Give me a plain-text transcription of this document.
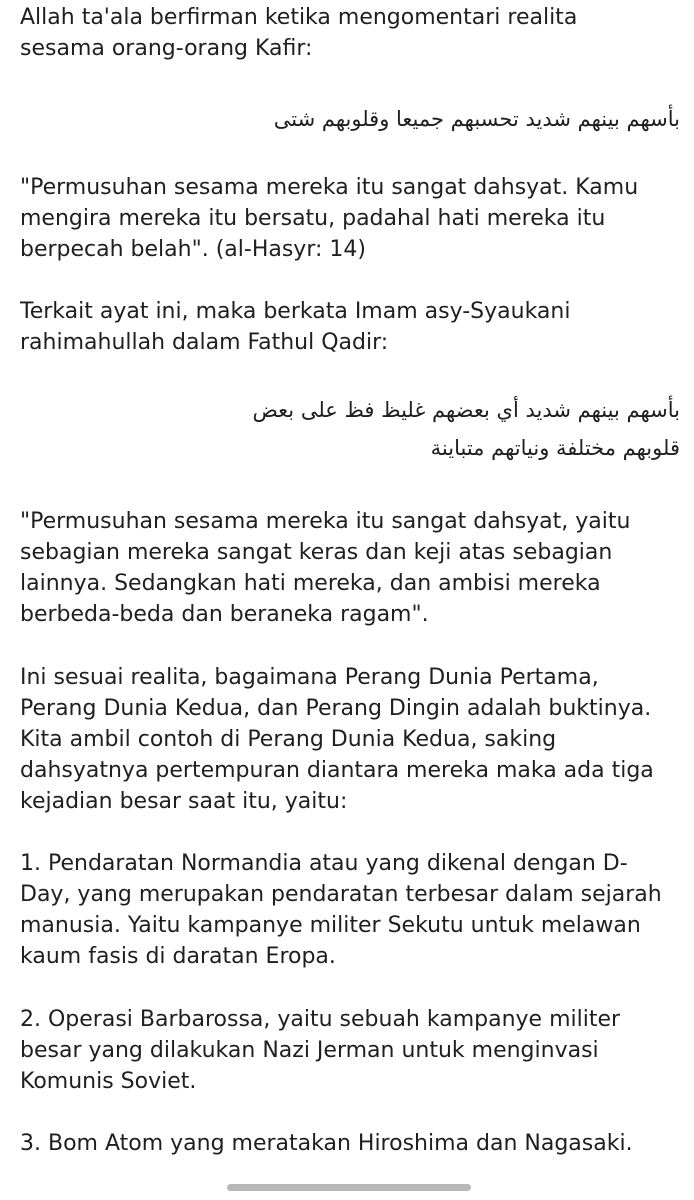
Allah ta'ala berfirman ketika mengomentari realita sesama orang-orang Kafir:

بأسهم بينهم شديد تحسبهم جميعا وقلوبهم شتى

"Permusuhan sesama mereka itu sangat dahsyat. Kamu mengira mereka itu bersatu, padahal hati mereka itu berpecah belah". (al-Hasyr: 14)

Terkait ayat ini, maka berkata Imam asy-Syaukani rahimahullah dalam Fathul Qadir:

بأسهم بينهم شديد أي بعضهم غليظ فظ على بعض
قلوبهم مختلفة ونياتهم متباينة

"Permusuhan sesama mereka itu sangat dahsyat, yaitu sebagian mereka sangat keras dan keji atas sebagian lainnya. Sedangkan hati mereka, dan ambisi mereka berbeda-beda dan beraneka ragam".

Ini sesuai realita, bagaimana Perang Dunia Pertama, Perang Dunia Kedua, dan Perang Dingin adalah buktinya. Kita ambil contoh di Perang Dunia Kedua, saking dahsyatnya pertempuran diantara mereka maka ada tiga kejadian besar saat itu, yaitu:

1. Pendaratan Normandia atau yang dikenal dengan D-Day, yang merupakan pendaratan terbesar dalam sejarah manusia. Yaitu kampanye militer Sekutu untuk melawan kaum fasis di daratan Eropa.

2. Operasi Barbarossa, yaitu sebuah kampanye militer besar yang dilakukan Nazi Jerman untuk menginvasi Komunis Soviet.

3. Bom Atom yang meratakan Hiroshima dan Nagasaki.
